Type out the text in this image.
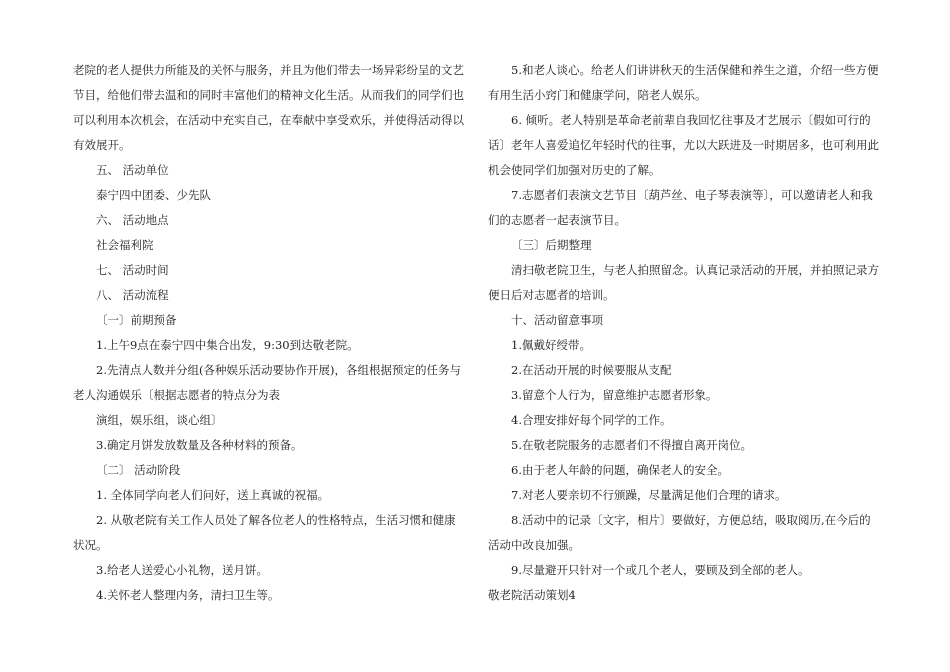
老院的老人提供力所能及的关怀与服务，并且为他们带去一场异彩纷呈的文艺节目，给他们带去温和的同时丰富他们的精神文化生活。从而我们的同学们也可以利用本次机会，在活动中充实自己，在奉献中享受欢乐，并使得活动得以有效展开。

五、 活动单位

泰宁四中团委、少先队

六、 活动地点

社会福利院

七、 活动时间

八、 活动流程

〔一〕前期预备

1.上午9点在泰宁四中集合出发，9:30到达敬老院。

2.先清点人数并分组(各种娱乐活动要协作开展)，各组根据预定的任务与老人沟通娱乐〔根据志愿者的特点分为表

演组，娱乐组，谈心组〕

3.确定月饼发放数量及各种材料的预备。

〔二〕 活动阶段

1. 全体同学向老人们问好，送上真诚的祝福。

2. 从敬老院有关工作人员处了解各位老人的性格特点，生活习惯和健康状况。

3.给老人送爱心小礼物，送月饼。

4.关怀老人整理内务，清扫卫生等。

5.和老人谈心。给老人们讲讲秋天的生活保健和养生之道，介绍一些方便有用生活小窍门和健康学问，陪老人娱乐。

6. 倾听。老人特别是革命老前辈自我回忆往事及才艺展示〔假如可行的话〕老年人喜爱追忆年轻时代的往事，尤以大跃进及一时期居多，也可利用此机会使同学们加强对历史的了解。

7.志愿者们表演文艺节目〔葫芦丝、电子琴表演等〕，可以邀请老人和我们的志愿者一起表演节目。

〔三〕后期整理

清扫敬老院卫生，与老人拍照留念。认真记录活动的开展，并拍照记录方便日后对志愿者的培训。

十、活动留意事项

1.佩戴好绶带。

2.在活动开展的时候要服从支配

3.留意个人行为，留意维护志愿者形象。

4.合理安排好每个同学的工作。

5.在敬老院服务的志愿者们不得擅自离开岗位。

6.由于老人年龄的问题，确保老人的安全。

7.对老人要亲切不行颁躁，尽量满足他们合理的请求。

8.活动中的记录〔文字，相片〕要做好，方便总结，吸取阅历,在今后的活动中改良加强。

9.尽量避开只针对一个或几个老人，要顾及到全部的老人。

敬老院活动策划4
